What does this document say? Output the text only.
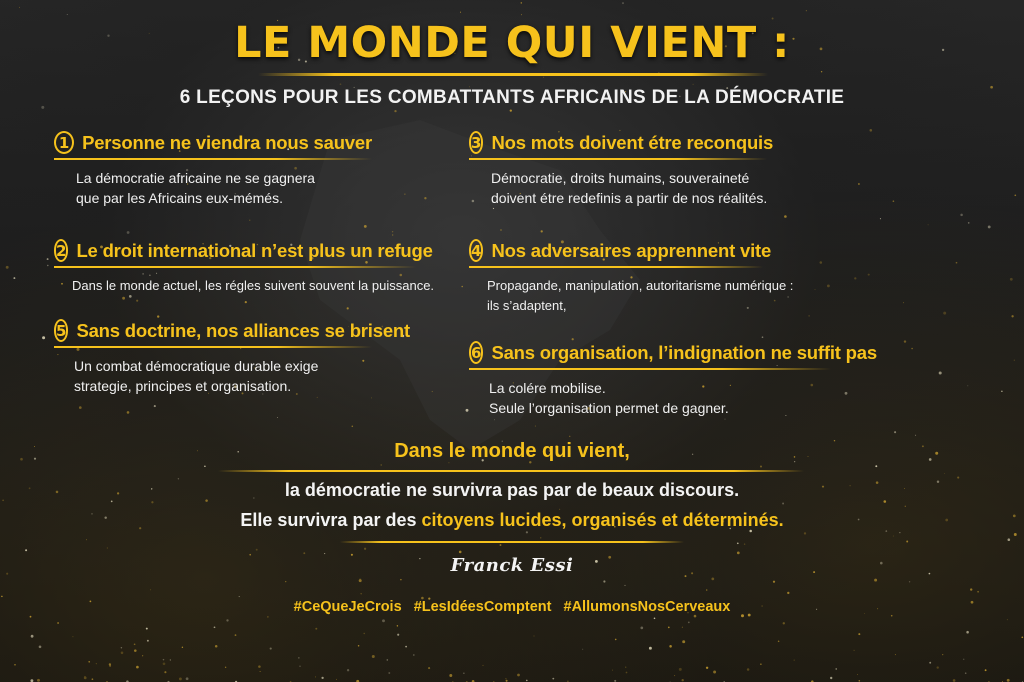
LE MONDE QUI VIENT :
6 LEÇONS POUR LES COMBATTANTS AFRICAINS DE LA DÉMOCRATIE
1 Personne ne viendra nous sauver
La démocratie africaine ne se gagnera
que par les Africains eux-mémés.
2 Le droit international n’est plus un refuge
Dans le monde actuel, les régles suivent souvent la puissance.
5 Sans doctrine, nos alliances se brisent
Un combat démocratique durable exige
strategie, principes et organisation.
3 Nos mots doivent étre reconquis
Démocratie, droits humains, souveraineté
doivent étre redefinis a partir de nos réalités.
4 Nos adversaires apprennent vite
Propagande, manipulation, autoritarisme numérique :
ils s’adaptent,
6 Sans organisation, l’indignation ne suffit pas
La colére mobilise.
Seule l’organisation permet de gagner.
Dans le monde qui vient,
la démocratie ne survivra pas par de beaux discours.
Elle survivra par des citoyens lucides, organisés et déterminés.
Franck Essi
#CeQueJeCrois #LesIdéesComptent #AllumonsNosCerveaux
